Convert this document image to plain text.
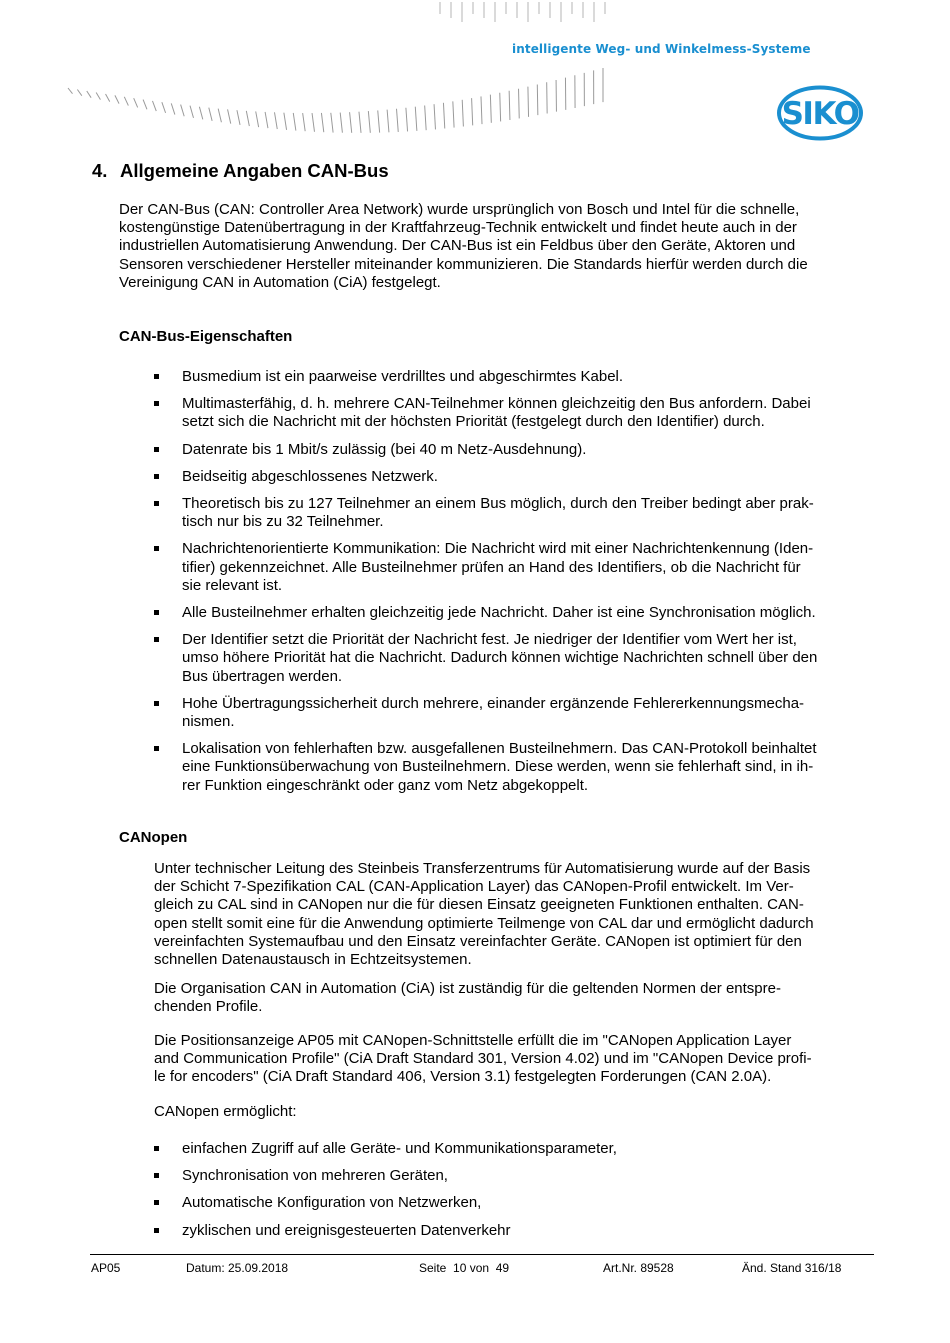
intelligente Weg- und Winkelmess-Systeme
SIKO
4. Allgemeine Angaben CAN-Bus

Der CAN-Bus (CAN: Controller Area Network) wurde ursprünglich von Bosch und Intel für die schnelle,
kostengünstige Datenübertragung in der Kraftfahrzeug-Technik entwickelt und findet heute auch in der
industriellen Automatisierung Anwendung. Der CAN-Bus ist ein Feldbus über den Geräte, Aktoren und
Sensoren verschiedener Hersteller miteinander kommunizieren. Die Standards hierfür werden durch die
Vereinigung CAN in Automation (CiA) festgelegt.

CAN-Bus-Eigenschaften
Busmedium ist ein paarweise verdrilltes und abgeschirmtes Kabel.
Multimasterfähig, d. h. mehrere CAN-Teilnehmer können gleichzeitig den Bus anfordern. Dabei
setzt sich die Nachricht mit der höchsten Priorität (festgelegt durch den Identifier) durch.
Datenrate bis 1 Mbit/s zulässig (bei 40 m Netz-Ausdehnung).
Beidseitig abgeschlossenes Netzwerk.
Theoretisch bis zu 127 Teilnehmer an einem Bus möglich, durch den Treiber bedingt aber prak-
tisch nur bis zu 32 Teilnehmer.
Nachrichtenorientierte Kommunikation: Die Nachricht wird mit einer Nachrichtenkennung (Iden-
tifier) gekennzeichnet. Alle Busteilnehmer prüfen an Hand des Identifiers, ob die Nachricht für
sie relevant ist.
Alle Busteilnehmer erhalten gleichzeitig jede Nachricht. Daher ist eine Synchronisation möglich.
Der Identifier setzt die Priorität der Nachricht fest. Je niedriger der Identifier vom Wert her ist,
umso höhere Priorität hat die Nachricht. Dadurch können wichtige Nachrichten schnell über den
Bus übertragen werden.
Hohe Übertragungssicherheit durch mehrere, einander ergänzende Fehlererkennungsmecha-
nismen.
Lokalisation von fehlerhaften bzw. ausgefallenen Busteilnehmern. Das CAN-Protokoll beinhaltet
eine Funktionsüberwachung von Busteilnehmern. Diese werden, wenn sie fehlerhaft sind, in ih-
rer Funktion eingeschränkt oder ganz vom Netz abgekoppelt.
CANopen

Unter technischer Leitung des Steinbeis Transferzentrums für Automatisierung wurde auf der Basis
der Schicht 7-Spezifikation CAL (CAN-Application Layer) das CANopen-Profil entwickelt. Im Ver-
gleich zu CAL sind in CANopen nur die für diesen Einsatz geeigneten Funktionen enthalten. CAN-
open stellt somit eine für die Anwendung optimierte Teilmenge von CAL dar und ermöglicht dadurch
vereinfachten Systemaufbau und den Einsatz vereinfachter Geräte. CANopen ist optimiert für den
schnellen Datenaustausch in Echtzeitsystemen.

Die Organisation CAN in Automation (CiA) ist zuständig für die geltenden Normen der entspre-
chenden Profile.

Die Positionsanzeige AP05 mit CANopen-Schnittstelle erfüllt die im "CANopen Application Layer
and Communication Profile" (CiA Draft Standard 301, Version 4.02) und im "CANopen Device profi-
le for encoders" (CiA Draft Standard 406, Version 3.1) festgelegten Forderungen (CAN 2.0A).

CANopen ermöglicht:

einfachen Zugriff auf alle Geräte- und Kommunikationsparameter,
Synchronisation von mehreren Geräten,
Automatische Konfiguration von Netzwerken,
zyklischen und ereignisgesteuerten Datenverkehr
AP05	Datum: 25.09.2018	Seite  10 von  49	Art.Nr. 89528	Änd. Stand 316/18
